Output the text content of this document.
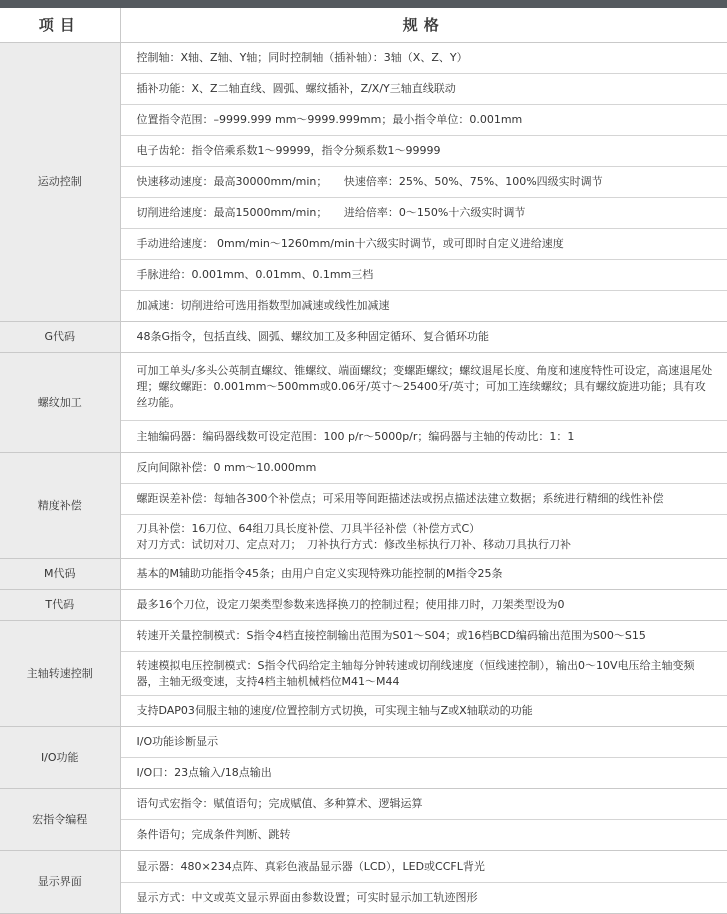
项目	规格
运动控制	控制轴：X轴、Z轴、Y轴；同时控制轴（插补轴）：3轴（X、Z、Y）
	插补功能：X、Z二轴直线、圆弧、螺纹插补，Z/X/Y三轴直线联动
	位置指令范围：–9999.999 mm～9999.999mm；最小指令单位：0.001mm
	电子齿轮：指令倍乘系数1～99999，指令分频系数1～99999
	快速移动速度：最高30000mm/min；　　快速倍率：25%、50%、75%、100%四级实时调节
	切削进给速度：最高15000mm/min；　　进给倍率：0～150%十六级实时调节
	手动进给速度： 0mm/min～1260mm/min十六级实时调节，或可即时自定义进给速度
	手脉进给：0.001mm、0.01mm、0.1mm三档
	加减速：切削进给可选用指数型加减速或线性加减速
G代码	48条G指令，包括直线、圆弧、螺纹加工及多种固定循环、复合循环功能
螺纹加工	可加工单头/多头公英制直螺纹、锥螺纹、端面螺纹；变螺距螺纹；螺纹退尾长度、角度和速度特性可设定，高速退尾处理；螺纹螺距：0.001mm～500mm或0.06牙/英寸～25400牙/英寸；可加工连续螺纹；具有螺纹旋进功能；具有攻丝功能。
	主轴编码器：编码器线数可设定范围：100 p/r～5000p/r；编码器与主轴的传动比：1：1
精度补偿	反向间隙补偿：0 mm～10.000mm
	螺距误差补偿：每轴各300个补偿点；可采用等间距描述法或拐点描述法建立数据；系统进行精细的线性补偿

	刀具补偿：16刀位、64组刀具长度补偿、刀具半径补偿（补偿方式C）
对刀方式：试切对刀、定点对刀；　刀补执行方式：修改坐标执行刀补、移动刀具执行刀补

M代码	基本的M辅助功能指令45条；由用户自定义实现特殊功能控制的M指令25条
T代码	最多16个刀位，设定刀架类型参数来选择换刀的控制过程；使用排刀时，刀架类型设为0
主轴转速控制	转速开关量控制模式：S指令4档直接控制输出范围为S01～S04；或16档BCD编码输出范围为S00～S15
	转速模拟电压控制模式：S指令代码给定主轴每分钟转速或切削线速度（恒线速控制），输出0～10V电压给主轴变频器，主轴无级变速，支持4档主轴机械档位M41～M44
	支持DAP03伺服主轴的速度/位置控制方式切换，可实现主轴与Z或X轴联动的功能
I/O功能	I/O功能诊断显示
	I/O口：23点输入/18点输出
宏指令编程	语句式宏指令：赋值语句；完成赋值、多种算术、逻辑运算
	条件语句；完成条件判断、跳转
显示界面	显示器：480×234点阵、真彩色液晶显示器（LCD），LED或CCFL背光
	显示方式：中文或英文显示界面由参数设置；可实时显示加工轨迹图形
